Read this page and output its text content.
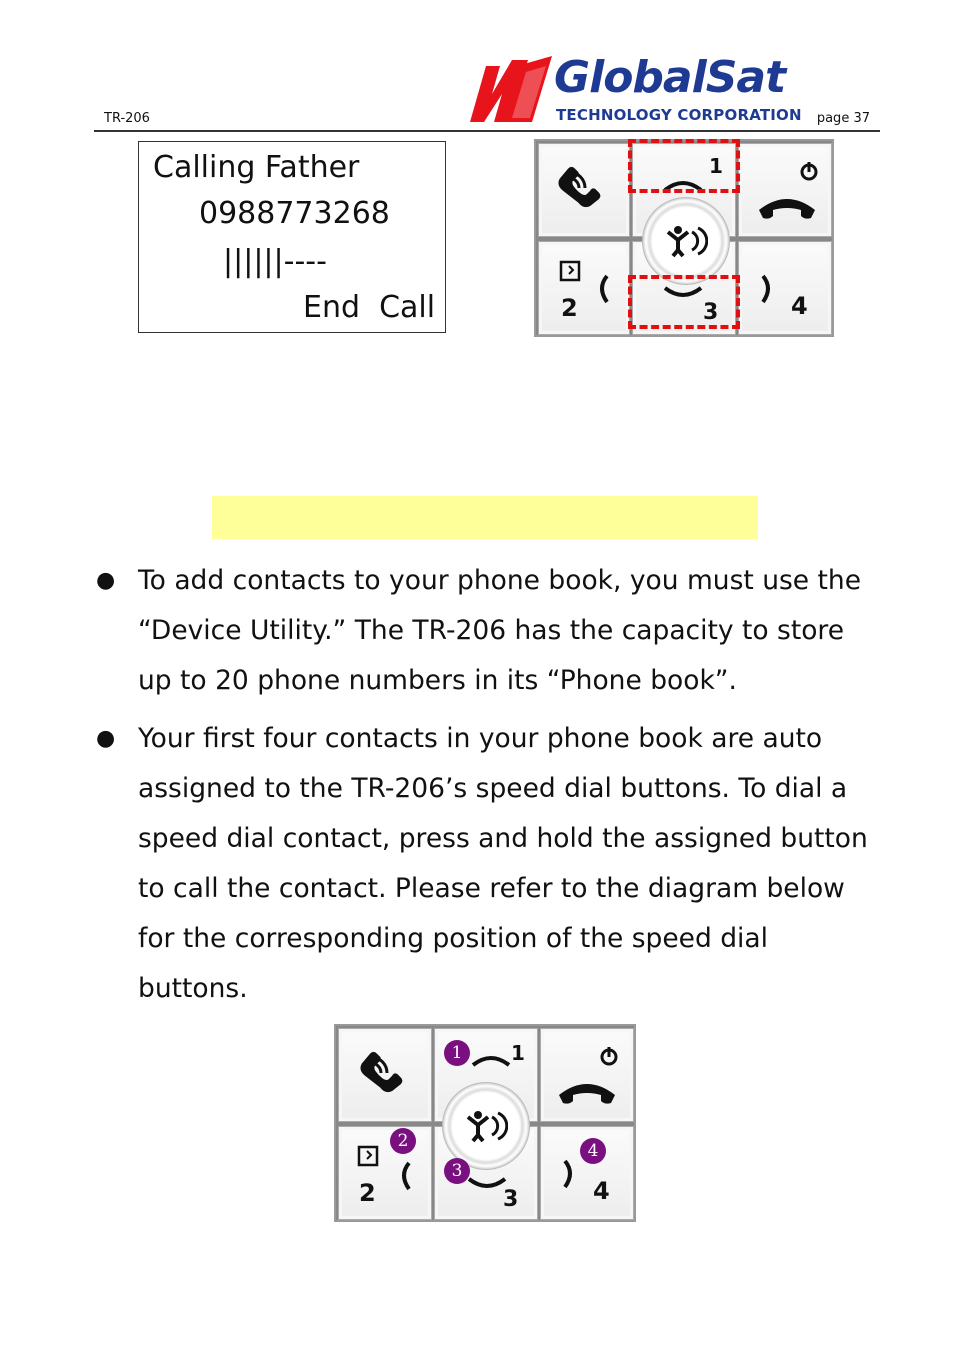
TR-206
GlobalSat
TECHNOLOGY CORPORATION page 37
Calling Father
0988773268
||||||----
End  Call
1
2	3	4
● To add contacts to your phone book, you must use the “Device Utility.” The TR-206 has the capacity to store up to 20 phone numbers in its “Phone book”.
● Your first four contacts in your phone book are auto assigned to the TR-206’s speed dial buttons. To dial a speed dial contact, press and hold the assigned button to call the contact. Please refer to the diagram below for the corresponding position of the speed dial buttons.
1
2	3	4
1
2
3
4
